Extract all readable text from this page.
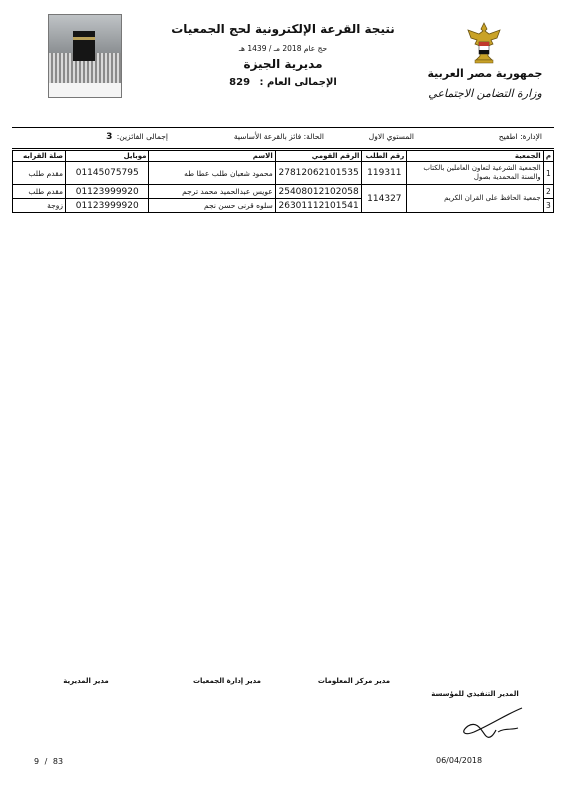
نتيجة القرعة الإلكترونية لحج الجمعيات
حج عام 2018 مـ / 1439 هـ
مديرية الجيزة
الإجمالى العام : 829
جمهورية مصر العربية
وزارة التضامن الاجتماعي
الإدارة: اطفيح
المستوي الاول
الحالة: فائز بالقرعة الأساسية
إجمالى الفائزين: 3
م	الجمعية	رقم الطلب	الرقم القومي	الاسم	موبايل	صلة القرابه
1	الجمعية الشرعية لتعاون العاملين بالكتاب والسنة المحمدية بصول	119311	27812062101535	محمود شعبان طلب عطا طه	01145075795	مقدم طلب
2	جمعية الحافظ على القران الكريم	114327	25408012102058	عويس عبدالحميد محمد ترجم	01123999920	مقدم طلب
3			26301112101541	سلوه قرنى حسن نجم	01123999920	زوجة
مدير المديرية	مدير إدارة الجمعيات	مدير مركز المعلومات
المدير التنفيذي للمؤسسة
06/04/2018
9 / 83
